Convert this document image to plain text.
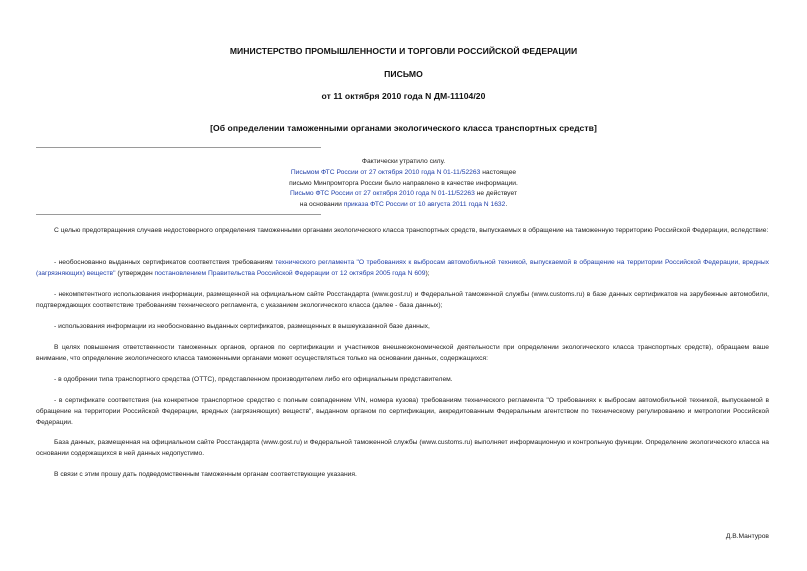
МИНИСТЕРСТВО ПРОМЫШЛЕННОСТИ И ТОРГОВЛИ РОССИЙСКОЙ ФЕДЕРАЦИИ
ПИСЬМО
от 11 октября 2010 года N ДМ-11104/20
[Об определении таможенными органами экологического класса транспортных средств]
Фактически утратило силу.
Письмом ФТС России от 27 октября 2010 года N 01-11/52263 настоящее
письмо Минпромторга России было направлено в качестве информации.
Письмо ФТС России от 27 октября 2010 года N 01-11/52263 не действует
на основании приказа ФТС России от 10 августа 2011 года N 1632.

С целью предотвращения случаев недостоверного определения таможенными органами экологического класса транспортных средств, выпускаемых в обращение на таможенную территорию Российской Федерации, вследствие:

- необоснованно выданных сертификатов соответствия требованиям технического регламента "О требованиях к выбросам автомобильной техникой, выпускаемой в обращение на территории Российской Федерации, вредных (загрязняющих) веществ" (утвержден постановлением Правительства Российской Федерации от 12 октября 2005 года N 609);

- некомпетентного использования информации, размещенной на официальном сайте Росстандарта (www.gost.ru) и Федеральной таможенной службы (www.customs.ru) в базе данных сертификатов на зарубежные автомобили, подтверждающих соответствие требованиям технического регламента, с указанием экологического класса (далее - база данных);

- использования информации из необоснованно выданных сертификатов, размещенных в вышеуказанной базе данных,

В целях повышения ответственности таможенных органов, органов по сертификации и участников внешнеэкономической деятельности при определении экологического класса транспортных средств), обращаем ваше внимание, что определение экологического класса таможенными органами может осуществляться только на основании данных, содержащихся:

- в одобрении типа транспортного средства (ОТТС), представленном производителем либо его официальным представителем.

- в сертификате соответствия (на конкретное транспортное средство с полным совпадением VIN, номера кузова) требованиям технического регламента "О требованиях к выбросам автомобильной техникой, выпускаемой в обращение на территории Российской Федерации, вредных (загрязняющих) веществ", выданном органом по сертификации, аккредитованным Федеральным агентством по техническому регулированию и метрологии Российской Федерации.

База данных, размещенная на официальном сайте Росстандарта (www.gost.ru) и Федеральной таможенной службы (www.customs.ru) выполняет информационную и контрольную функции. Определение экологического класса на основании содержащихся в ней данных недопустимо.

В связи с этим прошу дать подведомственным таможенным органам соответствующие указания.

Д.В.Мантуров
